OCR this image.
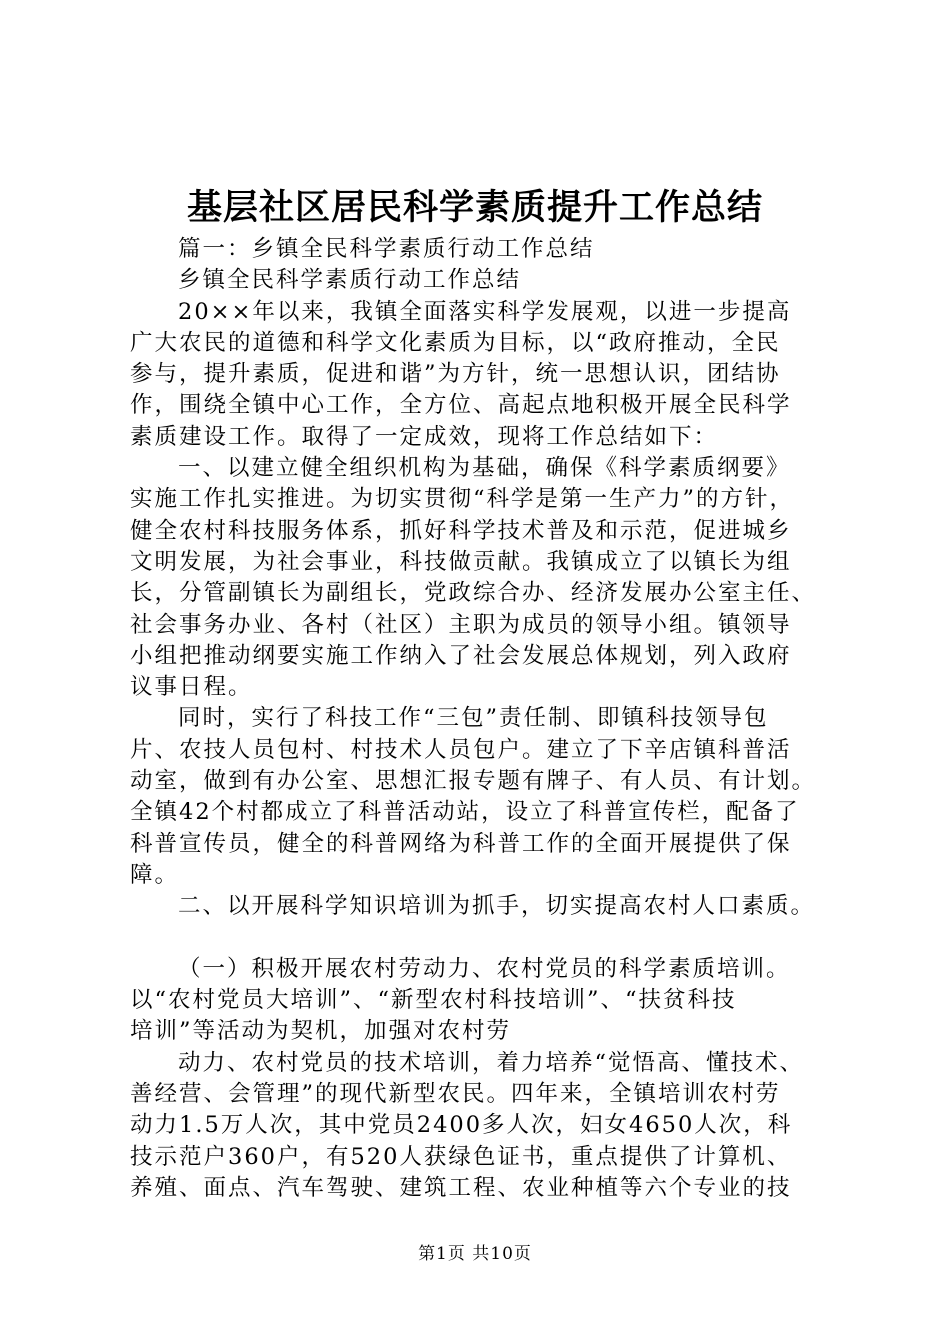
基层社区居民科学素质提升工作总结
篇一：乡镇全民科学素质行动工作总结
乡镇全民科学素质行动工作总结
20××年以来，我镇全面落实科学发展观，以进一步提高
广大农民的道德和科学文化素质为目标，以“政府推动，全民
参与，提升素质，促进和谐”为方针，统一思想认识，团结协
作，围绕全镇中心工作，全方位、高起点地积极开展全民科学
素质建设工作。取得了一定成效，现将工作总结如下：
一、以建立健全组织机构为基础，确保《科学素质纲要》
实施工作扎实推进。为切实贯彻“科学是第一生产力”的方针，
健全农村科技服务体系，抓好科学技术普及和示范，促进城乡
文明发展，为社会事业，科技做贡献。我镇成立了以镇长为组
长，分管副镇长为副组长，党政综合办、经济发展办公室主任、
社会事务办业、各村（社区）主职为成员的领导小组。镇领导
小组把推动纲要实施工作纳入了社会发展总体规划，列入政府
议事日程。
同时，实行了科技工作“三包”责任制、即镇科技领导包
片、农技人员包村、村技术人员包户。建立了下辛店镇科普活
动室，做到有办公室、思想汇报专题有牌子、有人员、有计划。
全镇42个村都成立了科普活动站，设立了科普宣传栏，配备了
科普宣传员，健全的科普网络为科普工作的全面开展提供了保
障。
二、以开展科学知识培训为抓手，切实提高农村人口素质。
（一）积极开展农村劳动力、农村党员的科学素质培训。
以“农村党员大培训”、“新型农村科技培训”、“扶贫科技
培训”等活动为契机，加强对农村劳
动力、农村党员的技术培训，着力培养“觉悟高、懂技术、
善经营、会管理”的现代新型农民。四年来，全镇培训农村劳
动力1.5万人次，其中党员2400多人次，妇女4650人次，科
技示范户360户，有520人获绿色证书，重点提供了计算机、
养殖、面点、汽车驾驶、建筑工程、农业种植等六个专业的技
第1页 共10页
